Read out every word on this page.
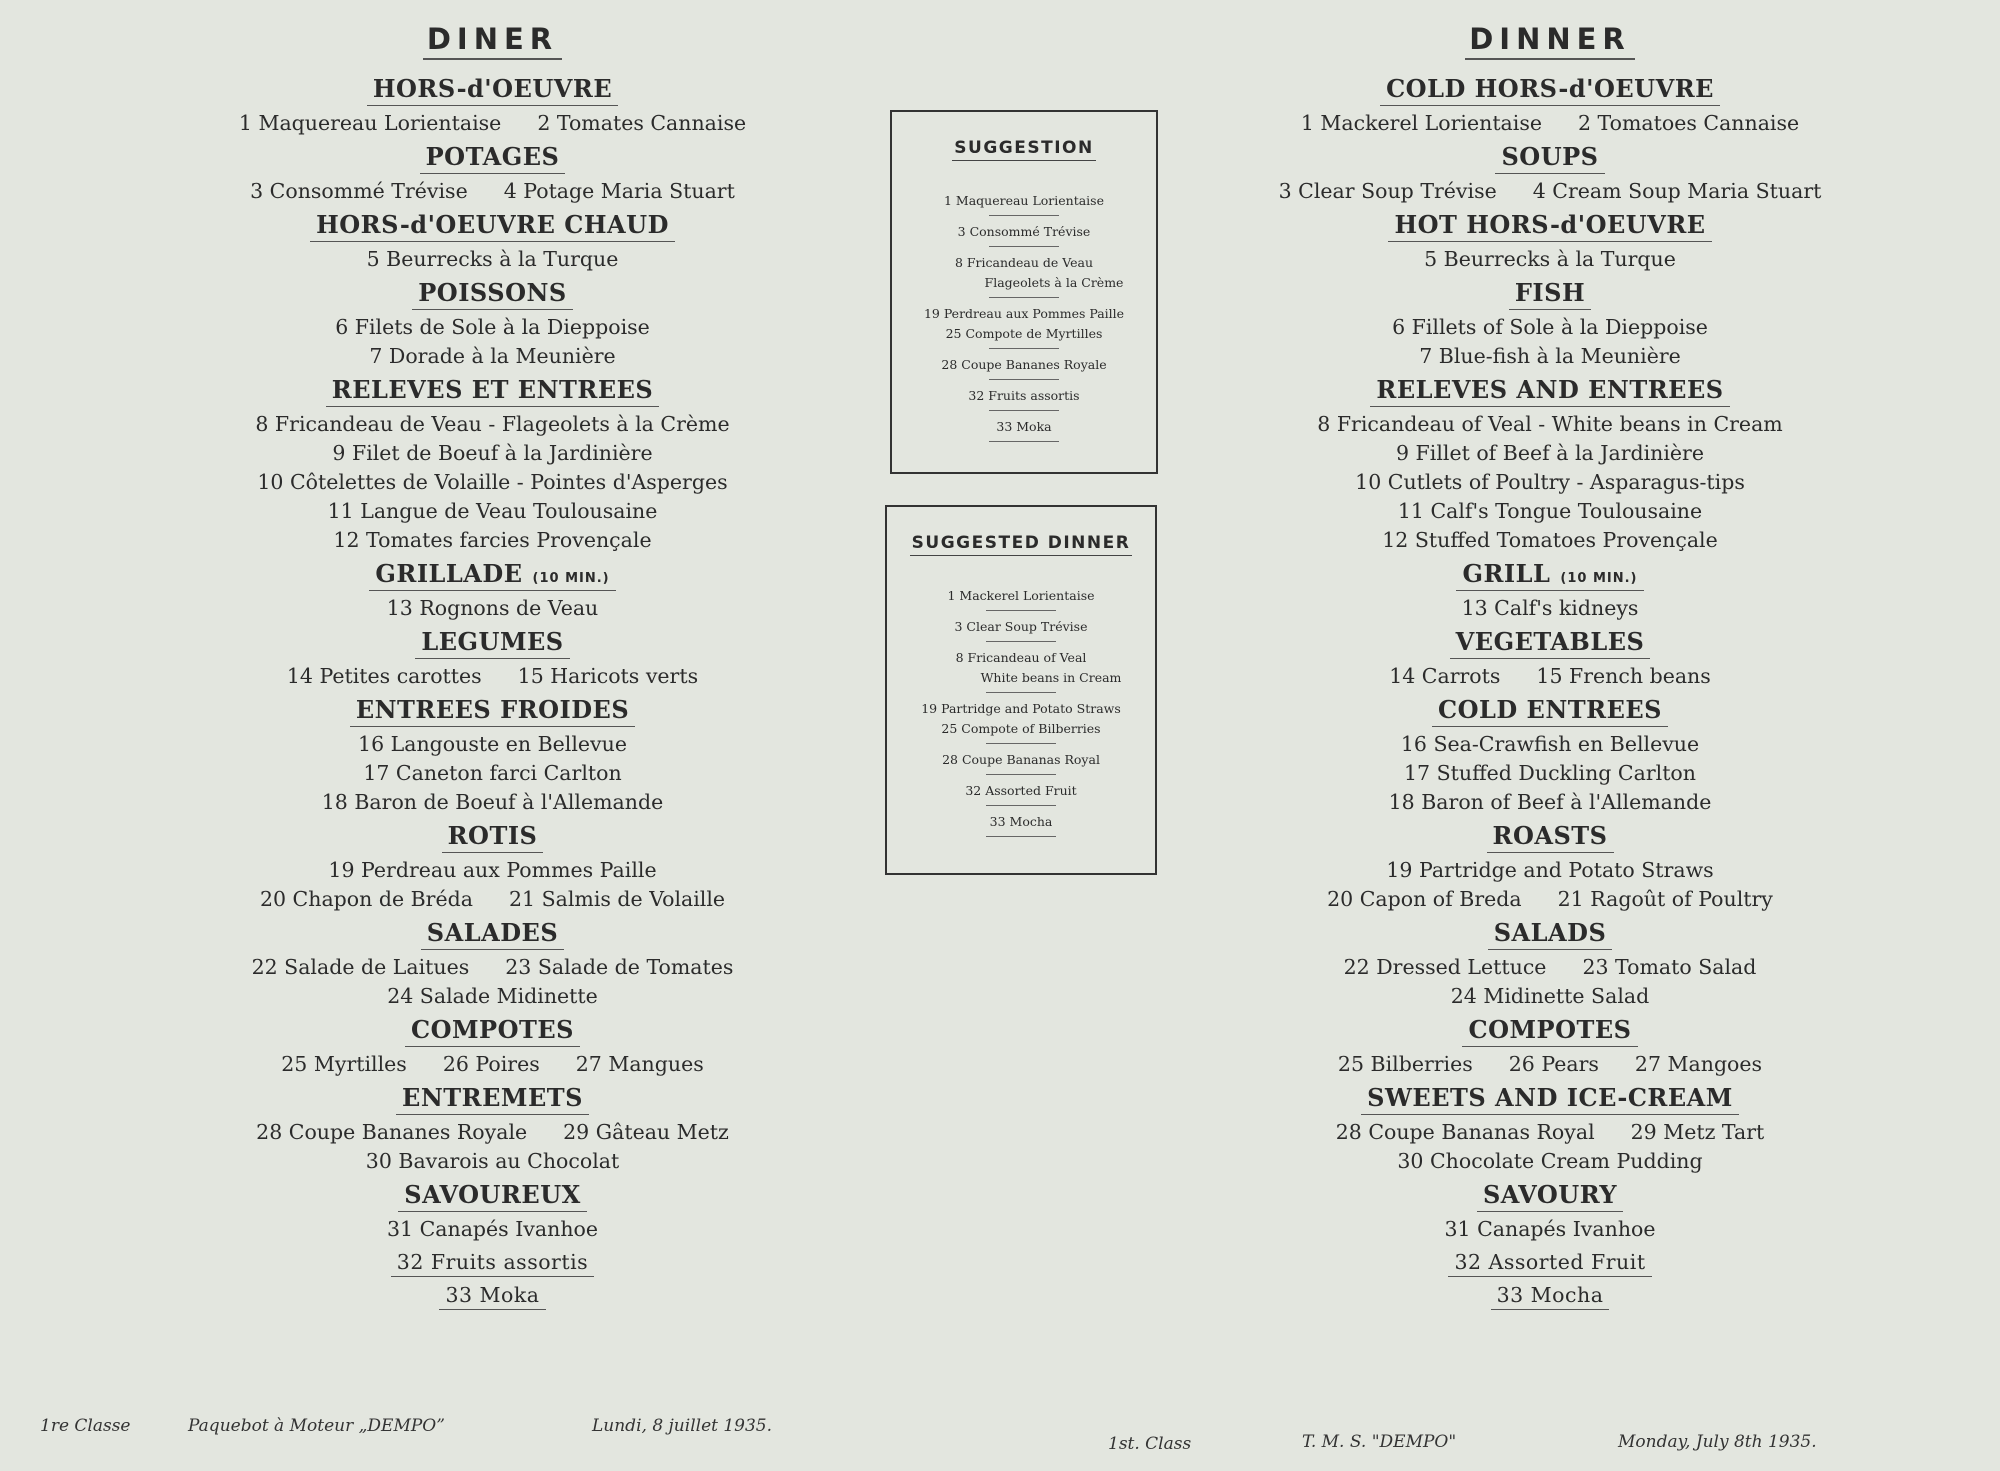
DINER
HORS-d'OEUVRE
1 Maquereau Lorientaise 2 Tomates Cannaise
POTAGES
3 Consommé Trévise 4 Potage Maria Stuart
HORS-d'OEUVRE CHAUD
5 Beurrecks à la Turque
POISSONS
6 Filets de Sole à la Dieppoise
7 Dorade à la Meunière
RELEVES ET ENTREES
8 Fricandeau de Veau - Flageolets à la Crème
9 Filet de Boeuf à la Jardinière
10 Côtelettes de Volaille - Pointes d'Asperges
11 Langue de Veau Toulousaine
12 Tomates farcies Provençale
GRILLADE (10 MIN.)
13 Rognons de Veau
LEGUMES
14 Petites carottes 15 Haricots verts
ENTREES FROIDES
16 Langouste en Bellevue
17 Caneton farci Carlton
18 Baron de Boeuf à l'Allemande
ROTIS
19 Perdreau aux Pommes Paille
20 Chapon de Bréda 21 Salmis de Volaille
SALADES
22 Salade de Laitues 23 Salade de Tomates
24 Salade Midinette
COMPOTES
25 Myrtilles 26 Poires 27 Mangues
ENTREMETS
28 Coupe Bananes Royale 29 Gâteau Metz
30 Bavarois au Chocolat
SAVOUREUX
31 Canapés Ivanhoe
32 Fruits assortis
33 Moka

SUGGESTION
1 Maquereau Lorientaise
3 Consommé Trévise
8 Fricandeau de Veau
Flageolets à la Crème
19 Perdreau aux Pommes Paille
25 Compote de Myrtilles
28 Coupe Bananes Royale
32 Fruits assortis
33 Moka
SUGGESTED DINNER
1 Mackerel Lorientaise
3 Clear Soup Trévise
8 Fricandeau of Veal
White beans in Cream
19 Partridge and Potato Straws
25 Compote of Bilberries
28 Coupe Bananas Royal
32 Assorted Fruit
33 Mocha
DINNER
COLD HORS-d'OEUVRE
1 Mackerel Lorientaise 2 Tomatoes Cannaise
SOUPS
3 Clear Soup Trévise 4 Cream Soup Maria Stuart
HOT HORS-d'OEUVRE
5 Beurrecks à la Turque
FISH
6 Fillets of Sole à la Dieppoise
7 Blue-fish à la Meunière
RELEVES AND ENTREES
8 Fricandeau of Veal - White beans in Cream
9 Fillet of Beef à la Jardinière
10 Cutlets of Poultry - Asparagus-tips
11 Calf's Tongue Toulousaine
12 Stuffed Tomatoes Provençale
GRILL (10 MIN.)
13 Calf's kidneys
VEGETABLES
14 Carrots 15 French beans
COLD ENTREES
16 Sea-Crawfish en Bellevue
17 Stuffed Duckling Carlton
18 Baron of Beef à l'Allemande
ROASTS
19 Partridge and Potato Straws
20 Capon of Breda 21 Ragoût of Poultry
SALADS
22 Dressed Lettuce 23 Tomato Salad
24 Midinette Salad
COMPOTES
25 Bilberries 26 Pears 27 Mangoes
SWEETS AND ICE-CREAM
28 Coupe Bananas Royal 29 Metz Tart
30 Chocolate Cream Pudding
SAVOURY
31 Canapés Ivanhoe
32 Assorted Fruit
33 Mocha

1re Classe	Paquebot à Moteur „DEMPO”	Lundi, 8 juillet 1935.
1st. Class	T. M. S. "DEMPO"	Monday, July 8th 1935.
